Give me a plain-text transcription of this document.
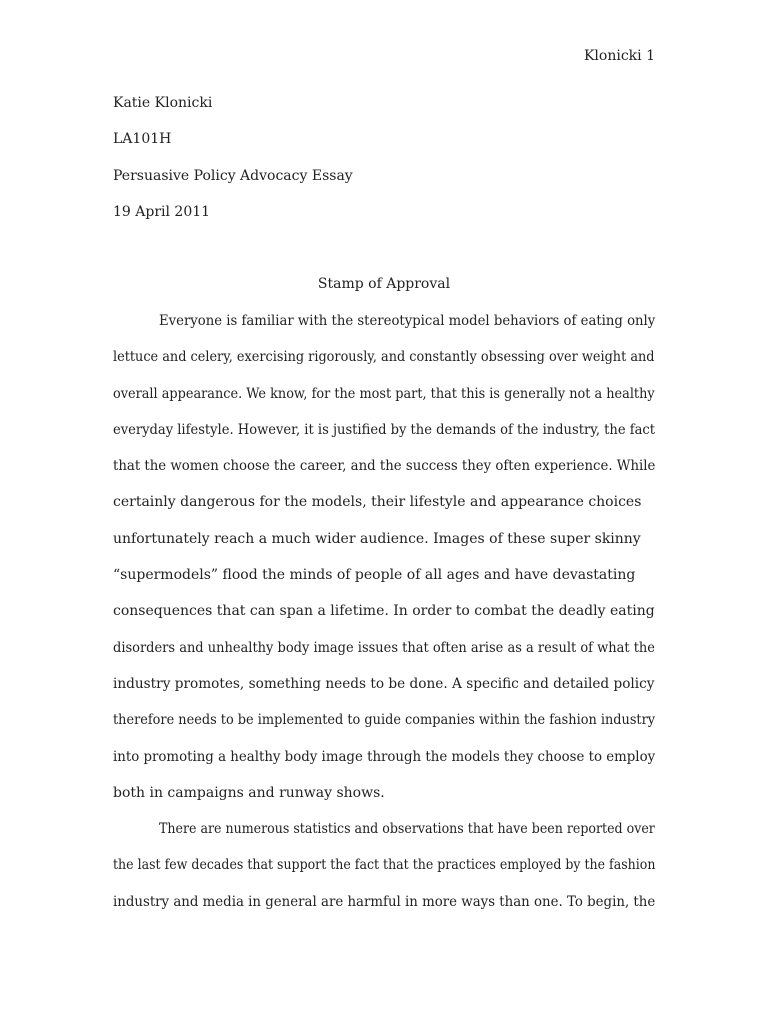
Klonicki 1
Katie Klonicki
LA101H
Persuasive Policy Advocacy Essay
19 April 2011
Stamp of Approval
Everyone is familiar with the stereotypical model behaviors of eating only
lettuce and celery, exercising rigorously, and constantly obsessing over weight and
overall appearance. We know, for the most part, that this is generally not a healthy
everyday lifestyle. However, it is justified by the demands of the industry, the fact
that the women choose the career, and the success they often experience. While
certainly dangerous for the models, their lifestyle and appearance choices
unfortunately reach a much wider audience. Images of these super skinny
“supermodels” flood the minds of people of all ages and have devastating
consequences that can span a lifetime. In order to combat the deadly eating
disorders and unhealthy body image issues that often arise as a result of what the
industry promotes, something needs to be done. A specific and detailed policy
therefore needs to be implemented to guide companies within the fashion industry
into promoting a healthy body image through the models they choose to employ
both in campaigns and runway shows.
There are numerous statistics and observations that have been reported over
the last few decades that support the fact that the practices employed by the fashion
industry and media in general are harmful in more ways than one. To begin, the
